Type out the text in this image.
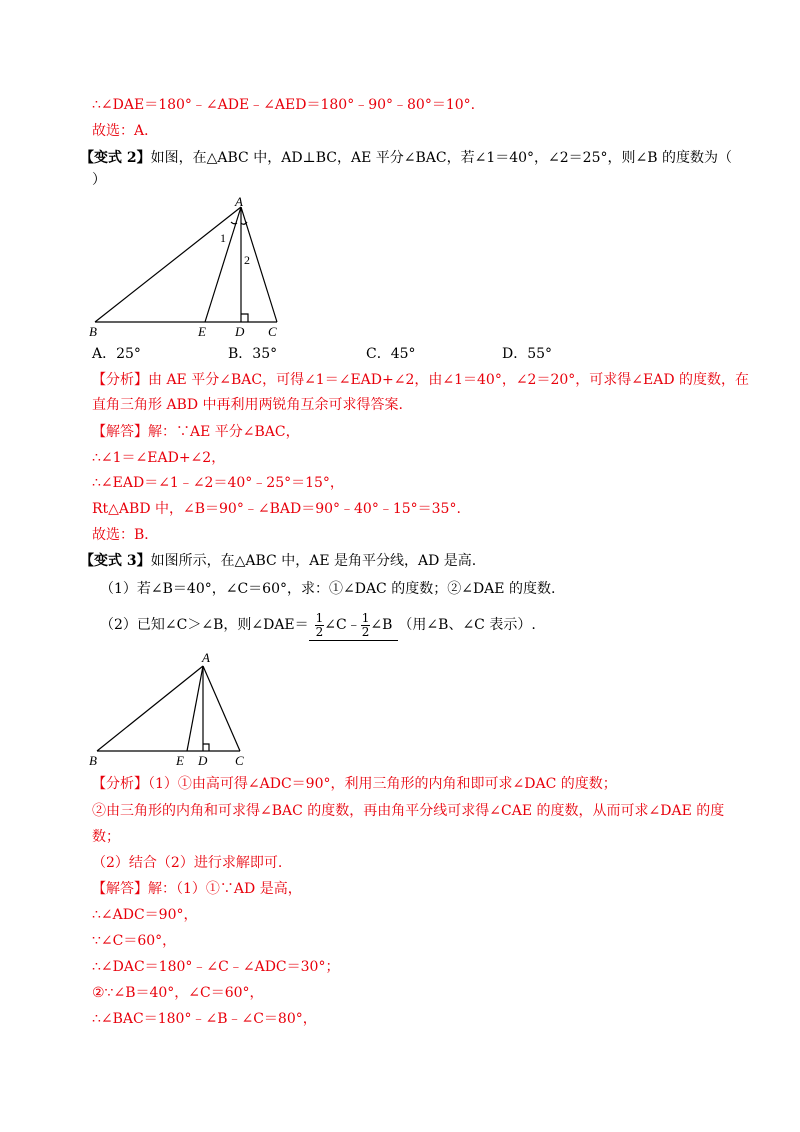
∴∠DAE＝180°﹣∠ADE﹣∠AED＝180°﹣90°﹣80°＝10°.
故选：A．
【变式 2】如图，在△ABC 中，AD⊥BC，AE 平分∠BAC，若∠1＝40°，∠2＝25°，则∠B 的度数为（
）
A
B	E D C
1
2
A．25°	B．35°	C．45°	D．55°
【分析】由 AE 平分∠BAC，可得∠1＝∠EAD+∠2，由∠1＝40°，∠2＝20°，可求得∠EAD 的度数，在
直角三角形 ABD 中再利用两锐角互余可求得答案.
【解答】解：∵AE 平分∠BAC，
∴∠1＝∠EAD+∠2，
∴∠EAD＝∠1﹣∠2＝40°﹣25°＝15°，
Rt△ABD 中，∠B＝90°﹣∠BAD＝90°﹣40°﹣15°＝35°.
故选：B．
【变式 3】如图所示，在△ABC 中，AE 是角平分线，AD 是高.
（1）若∠B＝40°，∠C＝60°，求：①∠DAC 的度数；②∠DAE 的度数.
（2）已知∠C＞∠B，则∠DAE＝ $\frac{1}{2}$ ∠C﹣ $\frac{1}{2}$ ∠B （用∠B、∠C 表示）.
A
B	E D C
【分析】（1）①由高可得∠ADC＝90°，利用三角形的内角和即可求∠DAC 的度数；
②由三角形的内角和可求得∠BAC 的度数，再由角平分线可求得∠CAE 的度数，从而可求∠DAE 的度
数；
（2）结合（2）进行求解即可.
【解答】解：（1）①∵AD 是高，
∴∠ADC＝90°，
∵∠C＝60°，
∴∠DAC＝180°﹣∠C﹣∠ADC＝30°；
②∵∠B＝40°，∠C＝60°，
∴∠BAC＝180°﹣∠B﹣∠C＝80°，
